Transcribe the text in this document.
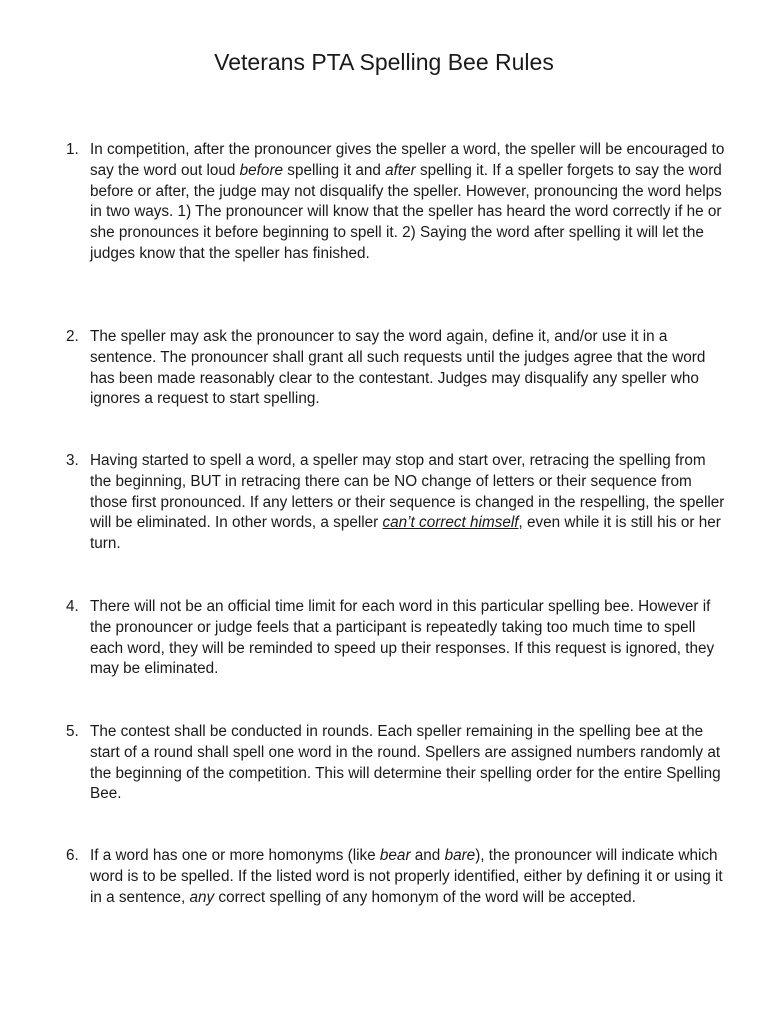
Veterans PTA Spelling Bee Rules
1. In competition, after the pronouncer gives the speller a word, the speller will be encouraged to say the word out loud before spelling it and after spelling it. If a speller forgets to say the word before or after, the judge may not disqualify the speller. However, pronouncing the word helps in two ways. 1) The pronouncer will know that the speller has heard the word correctly if he or she pronounces it before beginning to spell it. 2) Saying the word after spelling it will let the judges know that the speller has finished.
2. The speller may ask the pronouncer to say the word again, define it, and/or use it in a sentence. The pronouncer shall grant all such requests until the judges agree that the word has been made reasonably clear to the contestant. Judges may disqualify any speller who ignores a request to start spelling.
3. Having started to spell a word, a speller may stop and start over, retracing the spelling from the beginning, BUT in retracing there can be NO change of letters or their sequence from those first pronounced. If any letters or their sequence is changed in the respelling, the speller will be eliminated. In other words, a speller can’t correct himself, even while it is still his or her turn.
4. There will not be an official time limit for each word in this particular spelling bee. However if the pronouncer or judge feels that a participant is repeatedly taking too much time to spell each word, they will be reminded to speed up their responses. If this request is ignored, they may be eliminated.
5. The contest shall be conducted in rounds. Each speller remaining in the spelling bee at the start of a round shall spell one word in the round. Spellers are assigned numbers randomly at the beginning of the competition. This will determine their spelling order for the entire Spelling Bee.
6. If a word has one or more homonyms (like bear and bare), the pronouncer will indicate which word is to be spelled. If the listed word is not properly identified, either by defining it or using it in a sentence, any correct spelling of any homonym of the word will be accepted.
